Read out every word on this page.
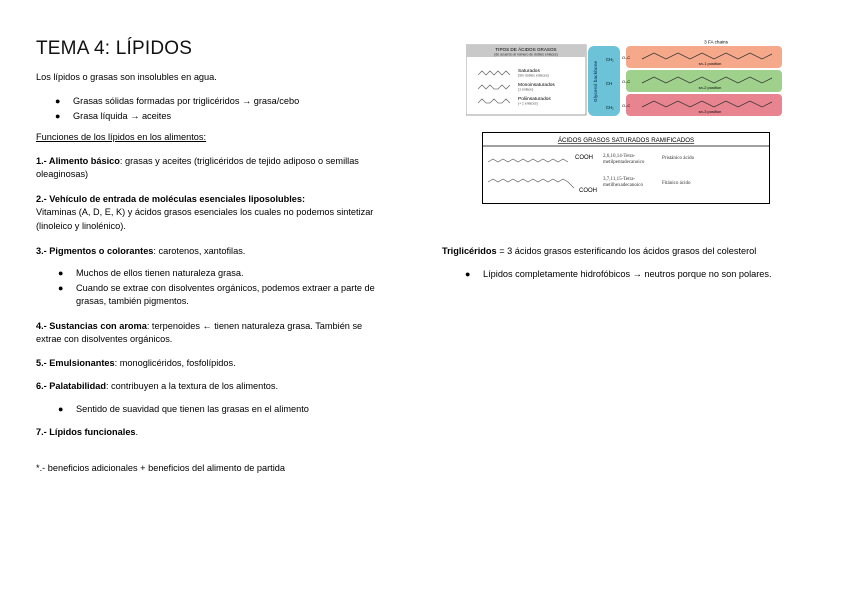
TEMA 4: LÍPIDOS
Los lípidos o grasas son insolubles en agua.
● Grasas sólidas formadas por triglicéridos → grasa/cebo
● Grasa líquida → aceites
Funciones de los lípidos en los alimentos:
1.- Alimento básico: grasas y aceites (triglicéridos de tejido adiposo o semillas
oleaginosas)
2.- Vehículo de entrada de moléculas esenciales liposolubles:
Vitaminas (A, D, E, K) y ácidos grasos esenciales los cuales no podemos sintetizar
(linoleico y linolénico).
3.- Pigmentos o colorantes: carotenos, xantofilas.
● Muchos de ellos tienen naturaleza grasa.
● Cuando se extrae con disolventes orgánicos, podemos extraer a parte de
grasas, también pigmentos.
4.- Sustancias con aroma: terpenoides ← tienen naturaleza grasa. También se
extrae con disolventes orgánicos.
5.- Emulsionantes: monoglicéridos, fosfolípidos.
6.- Palatabilidad: contribuyen a la textura de los alimentos.
● Sentido de suavidad que tienen las grasas en el alimento
7.- Lípidos funcionales.
*.- beneficios adicionales + beneficios del alimento de partida
Triglicéridos = 3 ácidos grasos esterificando los ácidos grasos del colesterol
● Lípidos completamente hidrofóbicos → neutros porque no son polares.
TIPOS DE ÁCIDOS GRASOS
(de acuerdo al número de dobles enlaces)
Saturados
(Sin dobles enlaces)
Monoinsaturados
(1 enlace)
Poliinsaturados
(+ 1 enlaces)
Glycerol backbone
CH₂
CH
CH₂
3 FA chains
sn-1 position
sn-2 position
sn-3 position
O–C
O–C
O–C
ÁCIDOS GRASOS SATURADOS RAMIFICADOS
COOH 2,6,10,14-Tetra-
metilpentadecanoico
Pristánico ácido
COOH
3,7,11,15-Tetra-
metilhexadecanoico	Fitánico ácido
